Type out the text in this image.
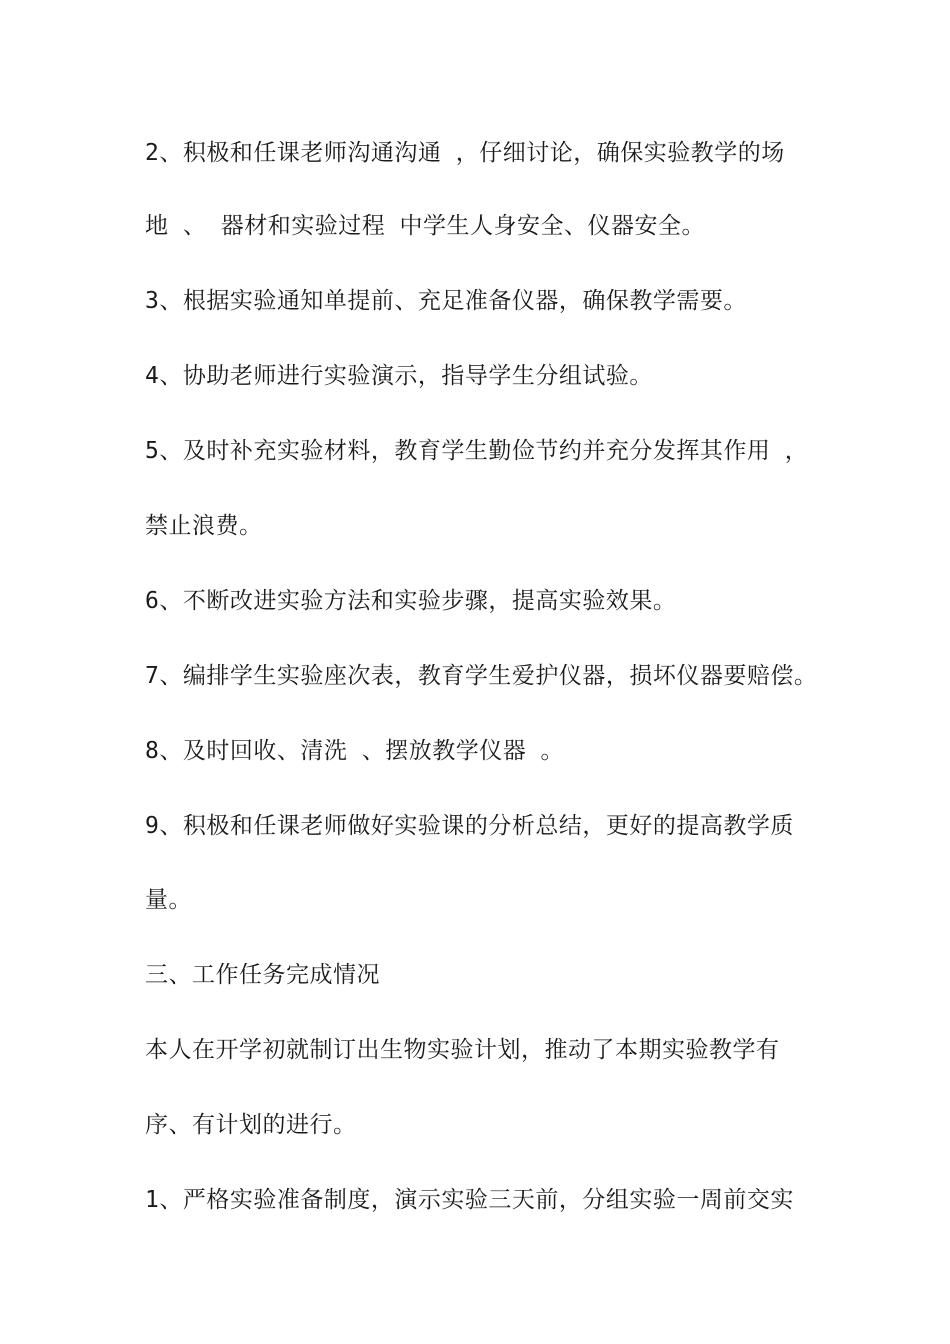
2、积极和任课老师沟通沟通 ，仔细讨论，确保实验教学的场

地 、 器材和实验过程 中学生人身安全、仪器安全。

3、根据实验通知单提前、充足准备仪器，确保教学需要。

4、协助老师进行实验演示，指导学生分组试验。

5、及时补充实验材料，教育学生勤俭节约并充分发挥其作用 ，

禁止浪费。

6、不断改进实验方法和实验步骤，提高实验效果。

7、编排学生实验座次表，教育学生爱护仪器，损坏仪器要赔偿。

8、及时回收、清洗 、摆放教学仪器 。

9、积极和任课老师做好实验课的分析总结，更好的提高教学质

量。

三、工作任务完成情况

本人在开学初就制订出生物实验计划，推动了本期实验教学有

序、有计划的进行。

1、严格实验准备制度，演示实验三天前，分组实验一周前交实
